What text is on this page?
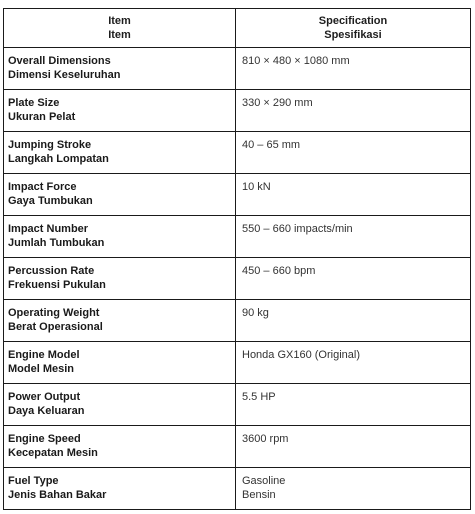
Item
Item	Specification
Spesifikasi

Overall Dimensions
Dimensi Keseluruhan	810 × 480 × 1080 mm

Plate Size
Ukuran Pelat	330 × 290 mm

Jumping Stroke
Langkah Lompatan	40 – 65 mm

Impact Force
Gaya Tumbukan	10 kN

Impact Number
Jumlah Tumbukan	550 – 660 impacts/min

Percussion Rate
Frekuensi Pukulan	450 – 660 bpm

Operating Weight
Berat Operasional	90 kg

Engine Model
Model Mesin	Honda GX160 (Original)

Power Output
Daya Keluaran	5.5 HP

Engine Speed
Kecepatan Mesin	3600 rpm

Fuel Type
Jenis Bahan Bakar	Gasoline
Bensin
